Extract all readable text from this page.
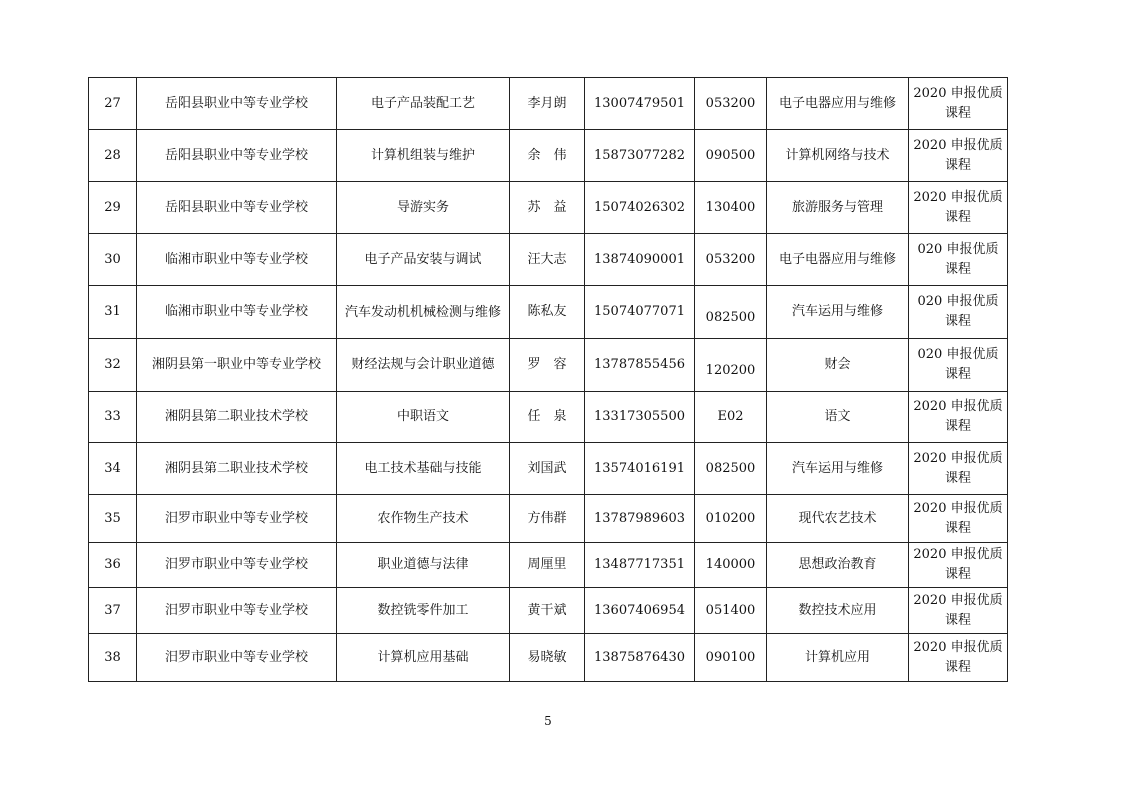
27	岳阳县职业中等专业学校	电子产品装配工艺	李月朗	13007479501	053200	电子电器应用与维修	2020 申报优质课程
28	岳阳县职业中等专业学校	计算机组装与维护	余　伟	15873077282	090500	计算机网络与技术	2020 申报优质课程
29	岳阳县职业中等专业学校	导游实务	苏　益	15074026302	130400	旅游服务与管理	2020 申报优质课程
30	临湘市职业中等专业学校	电子产品安装与调试	汪大志	13874090001	053200	电子电器应用与维修	020 申报优质课程
31	临湘市职业中等专业学校	汽车发动机机械检测与维修	陈私友	15074077071	082500	汽车运用与维修	020 申报优质课程
32	湘阴县第一职业中等专业学校	财经法规与会计职业道德	罗　容	13787855456	120200	财会	020 申报优质课程
33	湘阴县第二职业技术学校	中职语文	任　泉	13317305500	E02	语文	2020 申报优质课程
34	湘阴县第二职业技术学校	电工技术基础与技能	刘国武	13574016191	082500	汽车运用与维修	2020 申报优质课程
35	汨罗市职业中等专业学校	农作物生产技术	方伟群	13787989603	010200	现代农艺技术	2020 申报优质课程
36	汨罗市职业中等专业学校	职业道德与法律	周厘里	13487717351	140000	思想政治教育	2020 申报优质课程
37	汨罗市职业中等专业学校	数控铣零件加工	黄干斌	13607406954	051400	数控技术应用	2020 申报优质课程
38	汨罗市职业中等专业学校	计算机应用基础	易晓敏	13875876430	090100	计算机应用	2020 申报优质课程
5
